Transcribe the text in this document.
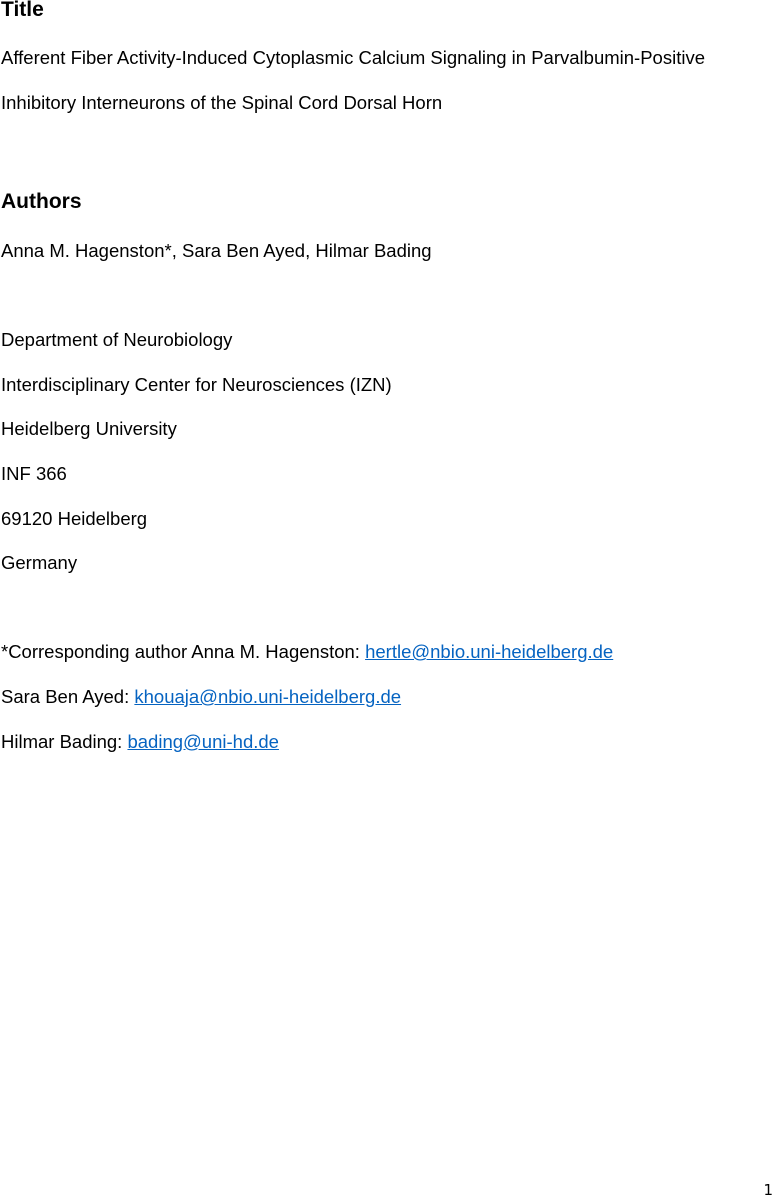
Title
Afferent Fiber Activity-Induced Cytoplasmic Calcium Signaling in Parvalbumin-Positive
Inhibitory Interneurons of the Spinal Cord Dorsal Horn
Authors
Anna M. Hagenston*, Sara Ben Ayed, Hilmar Bading
Department of Neurobiology
Interdisciplinary Center for Neurosciences (IZN)
Heidelberg University
INF 366
69120 Heidelberg
Germany
*Corresponding author Anna M. Hagenston: hertle@nbio.uni-heidelberg.de
Sara Ben Ayed: khouaja@nbio.uni-heidelberg.de
Hilmar Bading: bading@uni-hd.de
1
